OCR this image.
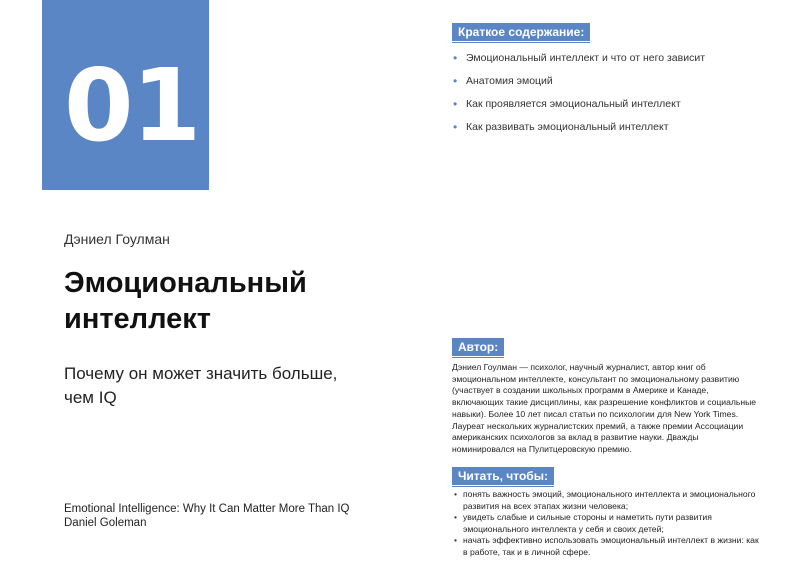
01
Дэниел Гоулман
Эмоциональный интеллект
Почему он может значить больше, чем IQ
Emotional Intelligence: Why It Can Matter More Than IQ
Daniel Goleman
Краткое содержание:
• Эмоциональный интеллект и что от него зависит
• Анатомия эмоций
• Как проявляется эмоциональный интеллект
• Как развивать эмоциональный интеллект
Автор:
Дэниел Гоулман — психолог, научный журналист, автор книг об эмоциональном интеллекте, консультант по эмоциональному развитию (участвует в создании школьных программ в Америке и Канаде, включающих такие дисциплины, как разрешение конфликтов и социальные навыки). Более 10 лет писал статьи по психологии для New York Times. Лауреат нескольких журналистских премий, а также премии Ассоциации американских психологов за вклад в развитие науки. Дважды номинировался на Пулитцеровскую премию.
Читать, чтобы:
• понять важность эмоций, эмоционального интеллекта и эмоционального развития на всех этапах жизни человека;
• увидеть слабые и сильные стороны и наметить пути развития эмоционального интеллекта у себя и своих детей;
• начать эффективно использовать эмоциональный интеллект в жизни: как в работе, так и в личной сфере.
